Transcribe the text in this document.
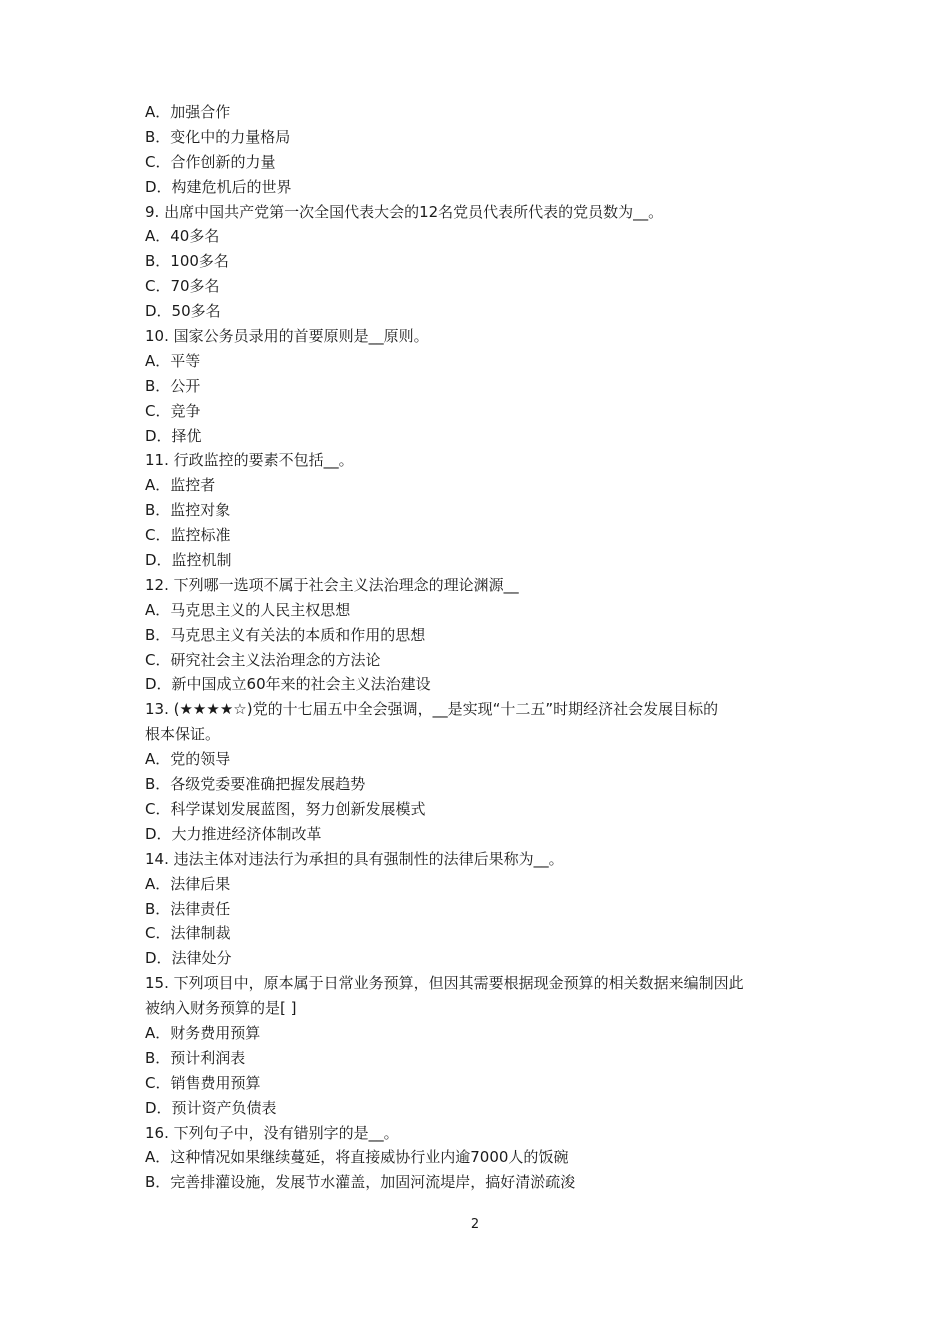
A．加强合作
B．变化中的力量格局
C．合作创新的力量
D．构建危机后的世界
9. 出席中国共产党第一次全国代表大会的12名党员代表所代表的党员数为__。
A．40多名
B．100多名
C．70多名
D．50多名
10. 国家公务员录用的首要原则是__原则。
A．平等
B．公开
C．竞争
D．择优
11. 行政监控的要素不包括__。
A．监控者
B．监控对象
C．监控标准
D．监控机制
12. 下列哪一选项不属于社会主义法治理念的理论渊源__
A．马克思主义的人民主权思想
B．马克思主义有关法的本质和作用的思想
C．研究社会主义法治理念的方法论
D．新中国成立60年来的社会主义法治建设
13. (★★★★☆)党的十七届五中全会强调，__是实现“十二五”时期经济社会发展目标的
根本保证。
A．党的领导
B．各级党委要准确把握发展趋势
C．科学谋划发展蓝图，努力创新发展模式
D．大力推进经济体制改革
14. 违法主体对违法行为承担的具有强制性的法律后果称为__。
A．法律后果
B．法律责任
C．法律制裁
D．法律处分
15. 下列项目中，原本属于日常业务预算，但因其需要根据现金预算的相关数据来编制因此
被纳入财务预算的是[ ]
A．财务费用预算
B．预计利润表
C．销售费用预算
D．预计资产负债表
16. 下列句子中，没有错别字的是__。
A．这种情况如果继续蔓延，将直接威协行业内逾7000人的饭碗
B．完善排灌设施，发展节水灌盖，加固河流堤岸，搞好清淤疏浚
2
